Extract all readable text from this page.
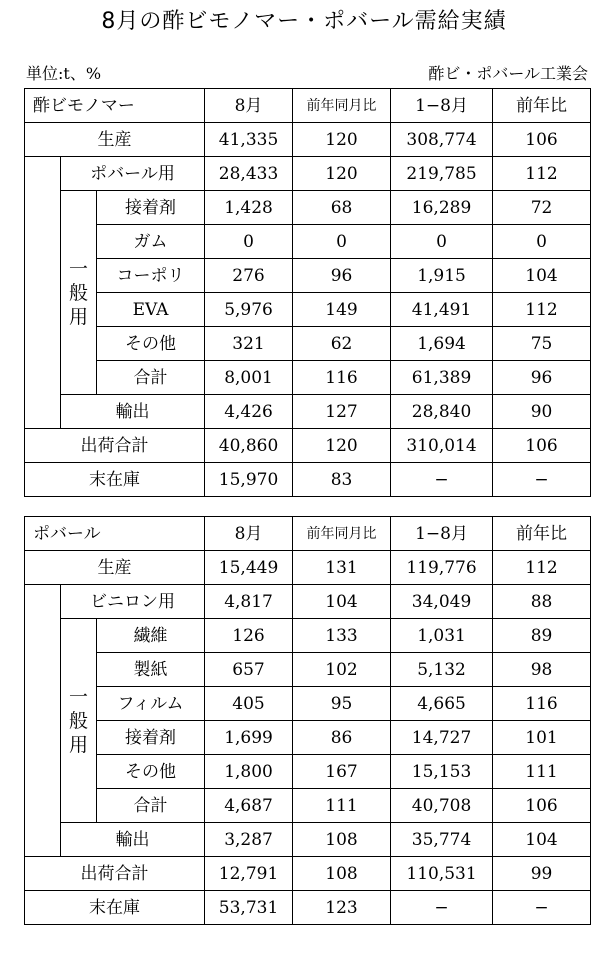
8月の酢ビモノマー・ポバール需給実績
単位:t、%	酢ビ・ポバール工業会
酢ビモノマー			8月	前年同月比	1−8月	前年比
生産			41,335	120	308,774	106
	ポバール用		28,433	120	219,785	112
	一般用	接着剤	1,428	68	16,289	72
		ガム	0	0	0	0
		コーポリ	276	96	1,915	104
		EVA	5,976	149	41,491	112
		その他	321	62	1,694	75
		合計	8,001	116	61,389	96
	輸出		4,426	127	28,840	90
出荷合計			40,860	120	310,014	106
末在庫			15,970	83	−	−
ポバール			8月	前年同月比	1−8月	前年比
生産			15,449	131	119,776	112
	ビニロン用		4,817	104	34,049	88
	一般用	繊維	126	133	1,031	89
		製紙	657	102	5,132	98
		フィルム	405	95	4,665	116
		接着剤	1,699	86	14,727	101
		その他	1,800	167	15,153	111
		合計	4,687	111	40,708	106
	輸出		3,287	108	35,774	104
出荷合計			12,791	108	110,531	99
末在庫			53,731	123	−	−
